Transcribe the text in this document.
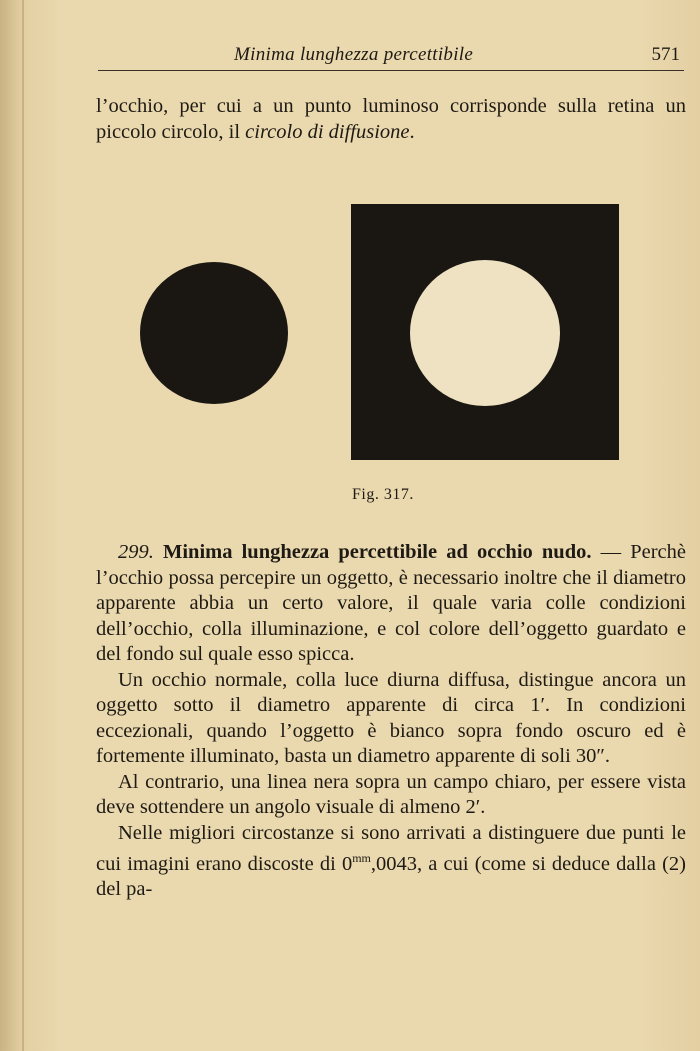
Minima lunghezza percettibile	571
l’occhio, per cui a un punto luminoso corrisponde sulla retina un piccolo circolo, il circolo di diffusione.
Fig. 317.

299. Minima lunghezza percettibile ad occhio nudo. — Perchè l’occhio possa percepire un oggetto, è necessario inoltre che il diametro apparente abbia un certo valore, il quale varia colle condizioni dell’occhio, colla illuminazione, e col colore dell’oggetto guardato e del fondo sul quale esso spicca.

Un occhio normale, colla luce diurna diffusa, distingue ancora un oggetto sotto il diametro apparente di circa 1′. In condizioni eccezionali, quando l’oggetto è bianco sopra fondo oscuro ed è fortemente illuminato, basta un diametro apparente di soli 30″.

Al contrario, una linea nera sopra un campo chiaro, per essere vista deve sottendere un angolo visuale di almeno 2′.

Nelle migliori circostanze si sono arrivati a distinguere due punti le cui imagini erano discoste di $0^{mm},0043$, a cui (come si deduce dalla (2) del pa-
